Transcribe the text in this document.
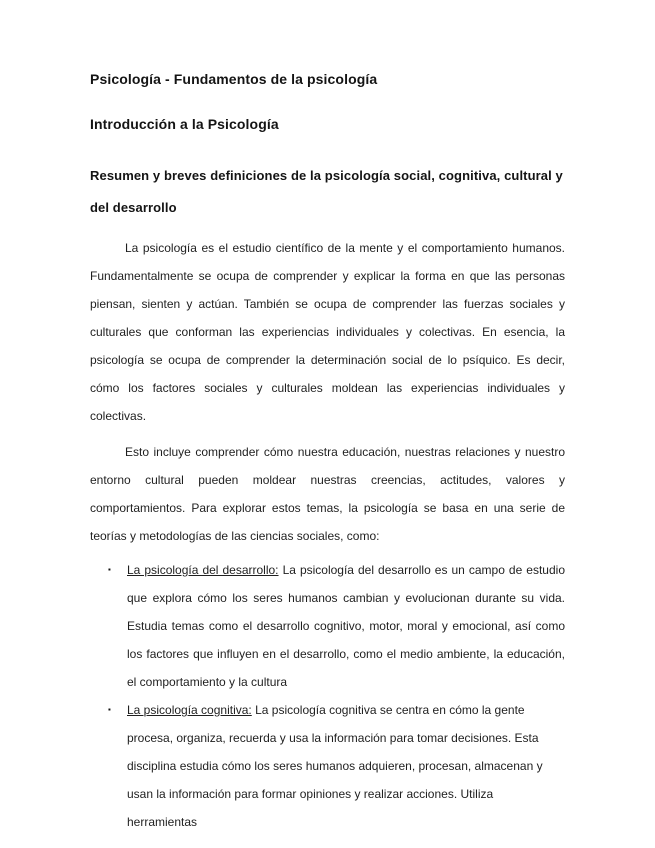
Psicología - Fundamentos de la psicología
Introducción a la Psicología
Resumen y breves definiciones de la psicología social, cognitiva, cultural y del desarrollo

La psicología es el estudio científico de la mente y el comportamiento humanos. Fundamentalmente se ocupa de comprender y explicar la forma en que las personas piensan, sienten y actúan. También se ocupa de comprender las fuerzas sociales y culturales que conforman las experiencias individuales y colectivas. En esencia, la psicología se ocupa de comprender la determinación social de lo psíquico. Es decir, cómo los factores sociales y culturales moldean las experiencias individuales y colectivas.

Esto incluye comprender cómo nuestra educación, nuestras relaciones y nuestro entorno cultural pueden moldear nuestras creencias, actitudes, valores y comportamientos. Para explorar estos temas, la psicología se basa en una serie de teorías y metodologías de las ciencias sociales, como:

▪ La psicología del desarrollo: La psicología del desarrollo es un campo de estudio que explora cómo los seres humanos cambian y evolucionan durante su vida. Estudia temas como el desarrollo cognitivo, motor, moral y emocional, así como los factores que influyen en el desarrollo, como el medio ambiente, la educación, el comportamiento y la cultura
▪ La psicología cognitiva: La psicología cognitiva se centra en cómo la gente procesa, organiza, recuerda y usa la información para tomar decisiones. Esta disciplina estudia cómo los seres humanos adquieren, procesan, almacenan y usan la información para formar opiniones y realizar acciones. Utiliza herramientas
